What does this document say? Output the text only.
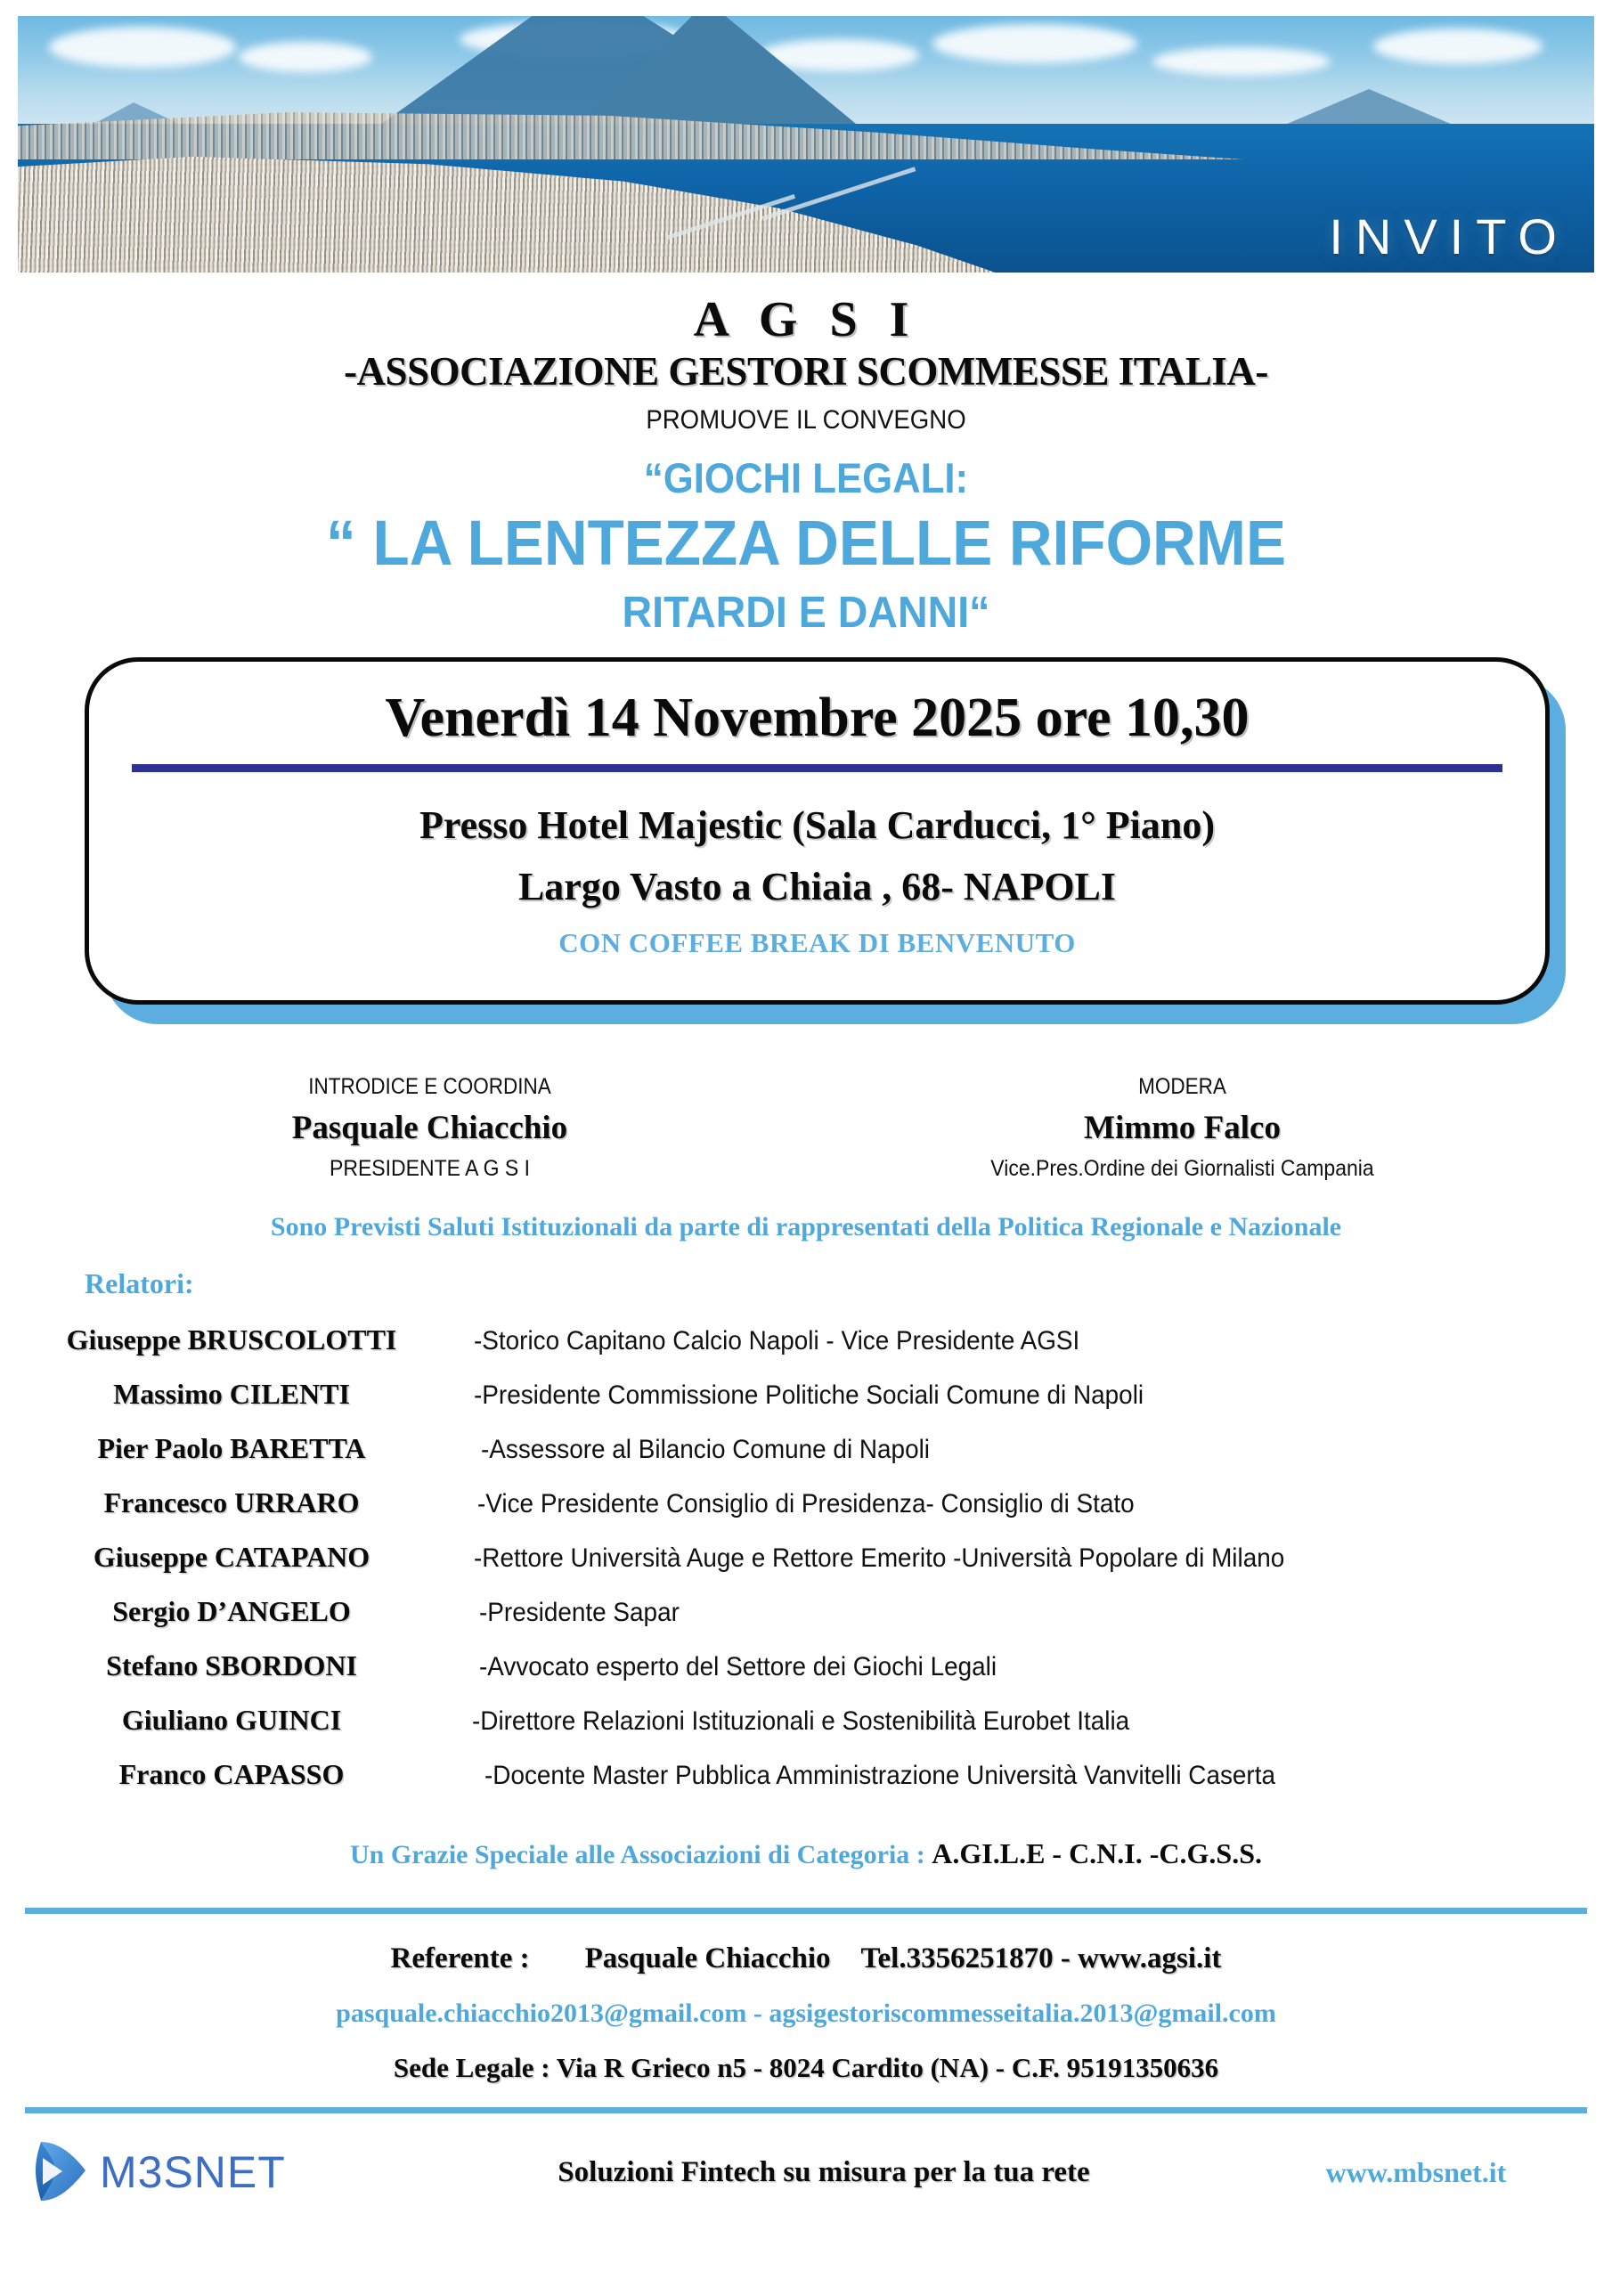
INVITO
A G S I
-ASSOCIAZIONE GESTORI SCOMMESSE ITALIA-
PROMUOVE IL CONVEGNO
“GIOCHI LEGALI:
“ LA LENTEZZA DELLE RIFORME
RITARDI E DANNI“
Venerdì 14 Novembre 2025 ore 10,30
Presso Hotel Majestic (Sala Carducci, 1° Piano)
Largo Vasto a Chiaia , 68- NAPOLI
CON COFFEE BREAK DI BENVENUTO
INTRODICE E COORDINA
Pasquale Chiacchio
PRESIDENTE A G S I
MODERA
Mimmo Falco
Vice.Pres.Ordine dei Giornalisti Campania
Sono Previsti Saluti Istituzionali da parte di rappresentati della Politica Regionale e Nazionale
Relatori:
Giuseppe BRUSCOLOTTI	-Storico Capitano Calcio Napoli - Vice Presidente AGSI
Massimo CILENTI	-Presidente Commissione Politiche Sociali Comune di Napoli
Pier Paolo BARETTA	-Assessore al Bilancio Comune di Napoli
Francesco URRARO	-Vice Presidente Consiglio di Presidenza- Consiglio di Stato
Giuseppe CATAPANO	-Rettore Università Auge e Rettore Emerito -Università Popolare di Milano
Sergio D’ANGELO	-Presidente Sapar
Stefano SBORDONI	-Avvocato esperto del Settore dei Giochi Legali
Giuliano GUINCI	-Direttore Relazioni Istituzionali e Sostenibilità Eurobet Italia
Franco CAPASSO	-Docente Master Pubblica Amministrazione Università Vanvitelli Caserta
Un Grazie Speciale alle Associazioni di Categoria : A.GI.L.E - C.N.I. -C.G.S.S.
Referente : Pasquale Chiacchio Tel.3356251870 - www.agsi.it
pasquale.chiacchio2013@gmail.com - agsigestoriscommesseitalia.2013@gmail.com
Sede Legale : Via R Grieco n5 - 8024 Cardito (NA) - C.F. 95191350636
M3SNET	Soluzioni Fintech su misura per la tua rete	www.mbsnet.it
